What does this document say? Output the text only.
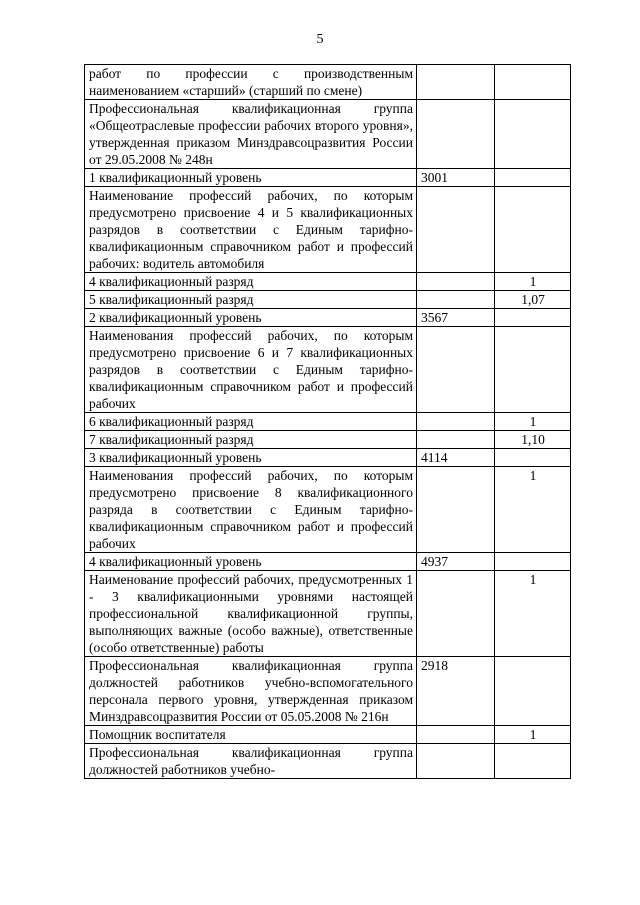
5
работ по профессии с производственным наименованием «старший» (старший по смене)		
Профессиональная квалификационная группа «Общеотраслевые профессии рабочих второго уровня», утвержденная приказом Минздравсоцразвития России от 29.05.2008 № 248н		
1 квалификационный уровень	3001	
Наименование профессий рабочих, по которым предусмотрено присвоение 4 и 5 квалификационных разрядов в соответствии с Единым тарифно-квалификационным справочником работ и профессий рабочих: водитель автомобиля		
4 квалификационный разряд		1
5 квалификационный разряд		1,07
2 квалификационный уровень	3567	
Наименования профессий рабочих, по которым предусмотрено присвоение 6 и 7 квалификационных разрядов в соответствии с Единым тарифно-квалификационным справочником работ и профессий рабочих		
6 квалификационный разряд		1
7 квалификационный разряд		1,10
3 квалификационный уровень	4114	
Наименования профессий рабочих, по которым предусмотрено присвоение 8 квалификационного разряда в соответствии с Единым тарифно-квалификационным справочником работ и профессий рабочих		1
4 квалификационный уровень	4937	
Наименование профессий рабочих, предусмотренных 1 - 3 квалификационными уровнями настоящей профессиональной квалификационной группы, выполняющих важные (особо важные), ответственные (особо ответственные) работы		1
Профессиональная квалификационная группа должностей работников учебно-вспомогательного персонала первого уровня, утвержденная приказом Минздравсоцразвития России от 05.05.2008 № 216н	2918	
Помощник воспитателя		1
Профессиональная квалификационная группа должностей работников учебно-		
